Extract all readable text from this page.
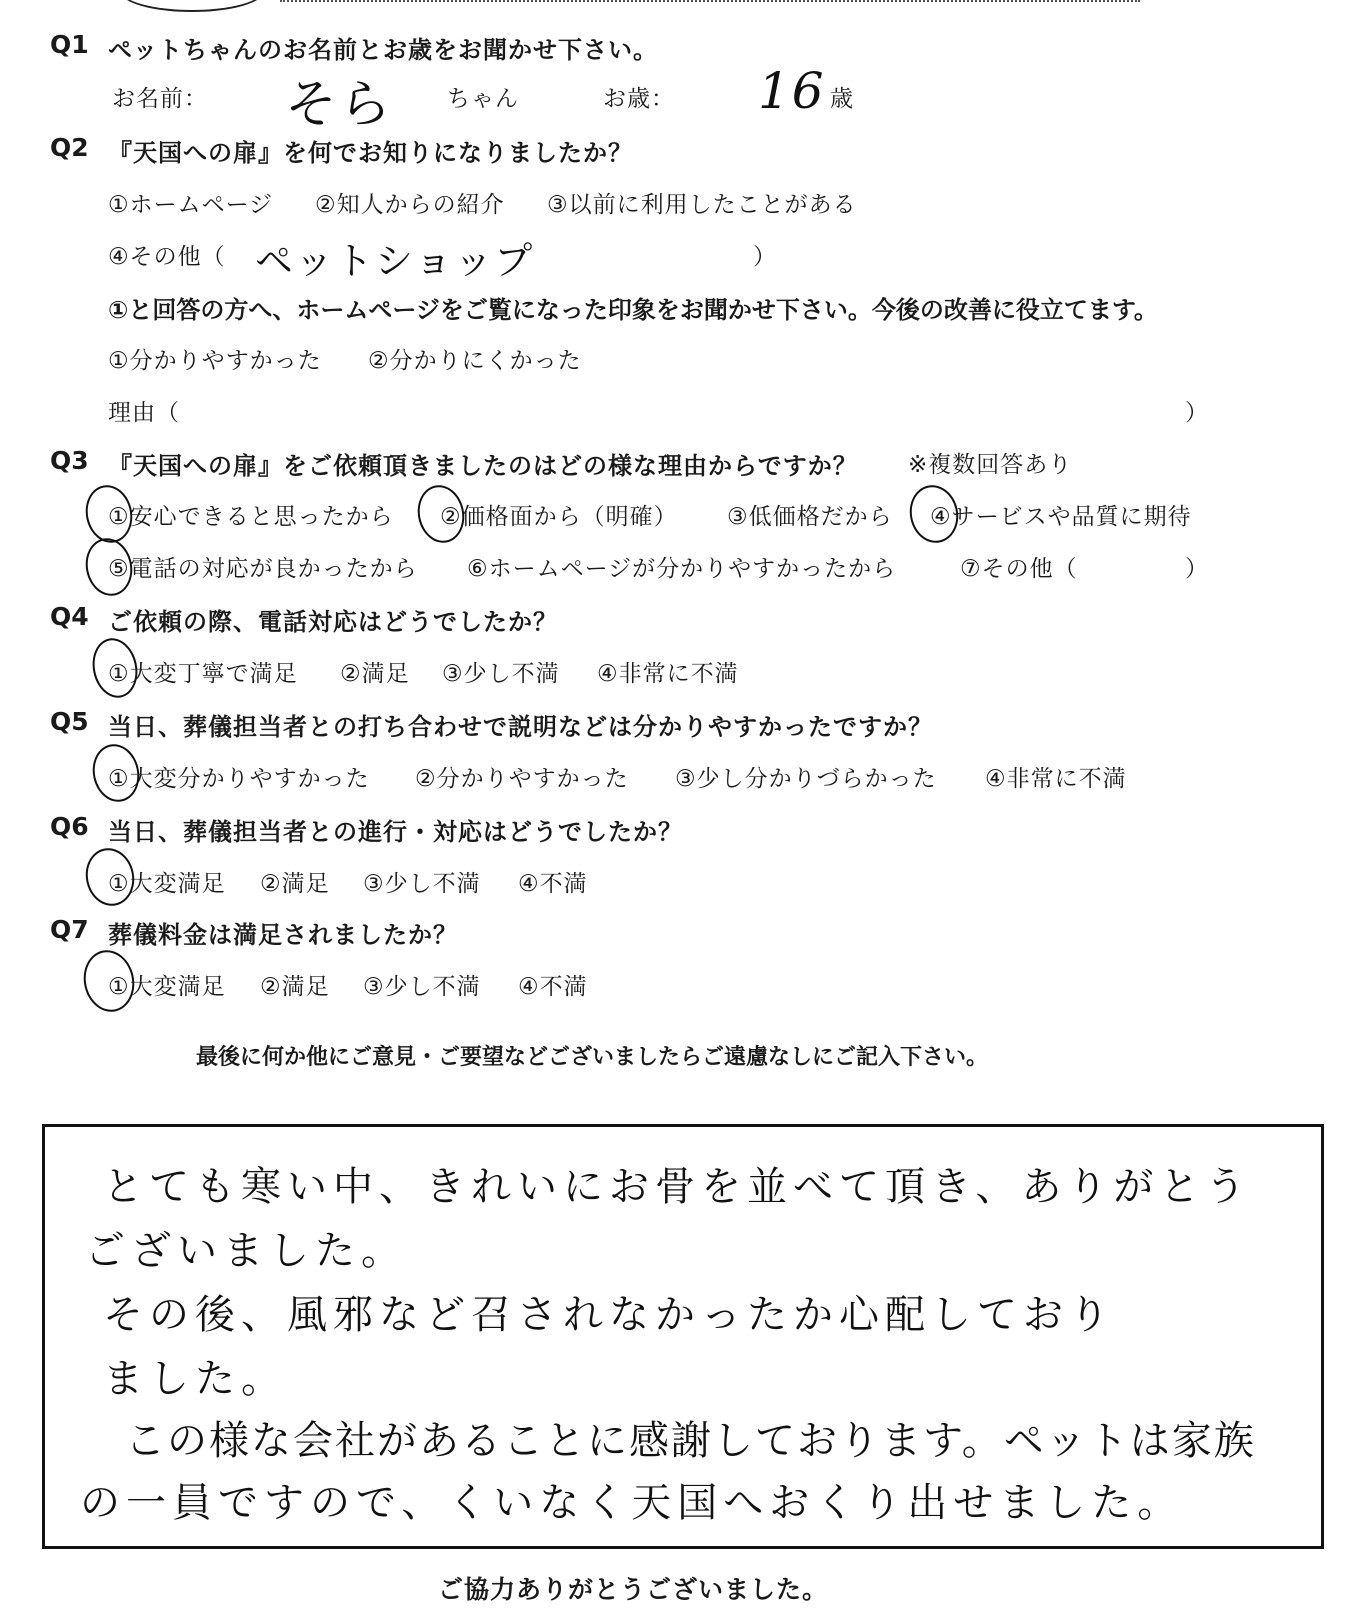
Q1 ペットちゃんのお名前とお歳をお聞かせ下さい。
お名前： そら ちゃん	お歳： 16 歳
Q2 『天国への扉』を何でお知りになりましたか？
①ホームページ ②知人からの紹介 ③以前に利用したことがある
④その他（ ペットショップ	）
①と回答の方へ、ホームページをご覧になった印象をお聞かせ下さい。今後の改善に役立てます。
①分かりやすかった ②分かりにくかった
理由（	）
Q3 『天国への扉』をご依頼頂きましたのはどの様な理由からですか？ ※複数回答あり
①安心できると思ったから ②価格面から（明確） ③低価格だから ④サービスや品質に期待
⑤電話の対応が良かったから ⑥ホームページが分かりやすかったから	⑦その他（	）
Q4 ご依頼の際、電話対応はどうでしたか？
①大変丁寧で満足 ②満足 ③少し不満 ④非常に不満
Q5 当日、葬儀担当者との打ち合わせで説明などは分かりやすかったですか？
①大変分かりやすかった ②分かりやすかった ③少し分かりづらかった ④非常に不満
Q6 当日、葬儀担当者との進行・対応はどうでしたか？
①大変満足 ②満足 ③少し不満 ④不満
Q7 葬儀料金は満足されましたか？
①大変満足 ②満足 ③少し不満 ④不満
最後に何か他にご意見・ご要望などございましたらご遠慮なしにご記入下さい。
とても寒い中、きれいにお骨を並べて頂き、ありがとう
ございました。
その後、風邪など召されなかったか心配しており
ました。
この様な会社があることに感謝しております。ペットは家族
の一員ですので、くいなく天国へおくり出せました。
ご協力ありがとうございました。
